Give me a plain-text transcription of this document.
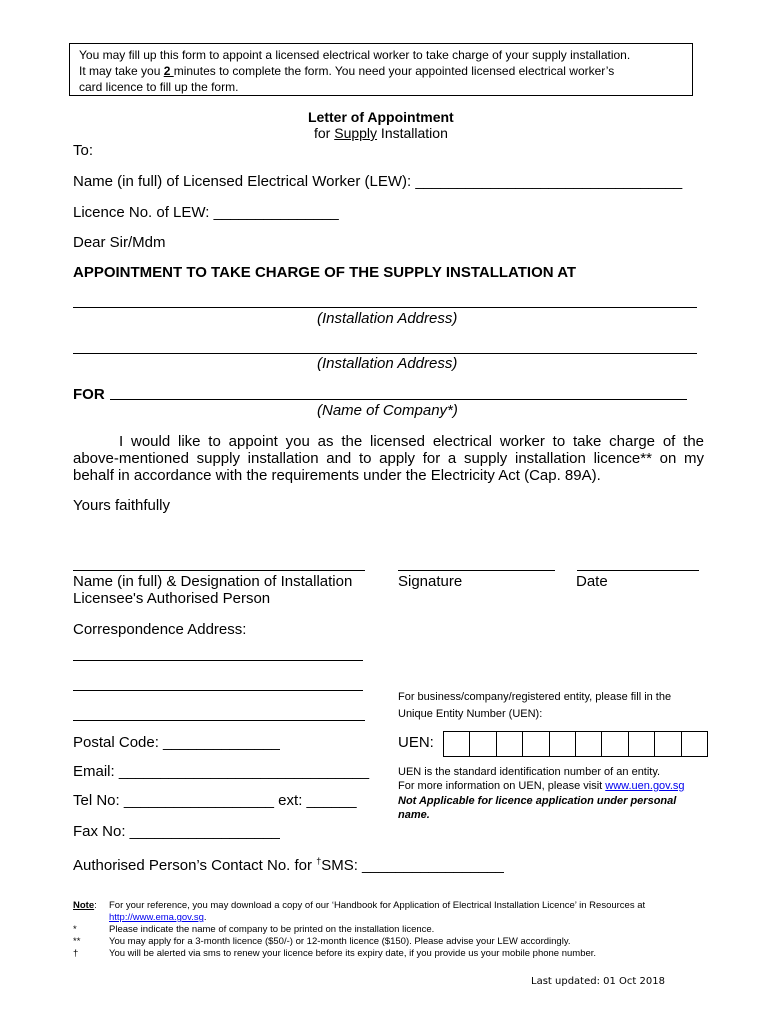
You may fill up this form to appoint a licensed electrical worker to take charge of your supply installation.
It may take you 2 minutes to complete the form. You need your appointed licensed electrical worker’s
card licence to fill up the form.
Letter of Appointment
for Supply Installation
To:
Name (in full) of Licensed Electrical Worker (LEW): ________________________________
Licence No. of LEW: _______________
Dear Sir/Mdm
APPOINTMENT TO TAKE CHARGE OF THE SUPPLY INSTALLATION AT
(Installation Address)
(Installation Address)
FOR
(Name of Company*)
I would like to appoint you as the licensed electrical worker to take charge of the
above-mentioned supply installation and to apply for a supply installation licence** on my
behalf in accordance with the requirements under the Electricity Act (Cap. 89A).
Yours faithfully
Name (in full) & Designation of Installation
Licensee's Authorised Person
Signature	Date
Correspondence Address:
Postal Code: ______________
Email: ______________________________
Tel No: __________________ ext: ______
Fax No: __________________
Authorised Person’s Contact No. for †SMS: _________________
For business/company/registered entity, please fill in the
Unique Entity Number (UEN):
UEN:
UEN is the standard identification number of an entity.
For more information on UEN, please visit www.uen.gov.sg
Not Applicable for licence application under personal
name.
Note:	For your reference, you may download a copy of our ‘Handbook for Application of Electrical Installation Licence’ in Resources at
http://www.ema.gov.sg.
*	Please indicate the name of company to be printed on the installation licence.
**	You may apply for a 3-month licence ($50/-) or 12-month licence ($150). Please advise your LEW accordingly.
†	You will be alerted via sms to renew your licence before its expiry date, if you provide us your mobile phone number.
Last updated: 01 Oct 2018
